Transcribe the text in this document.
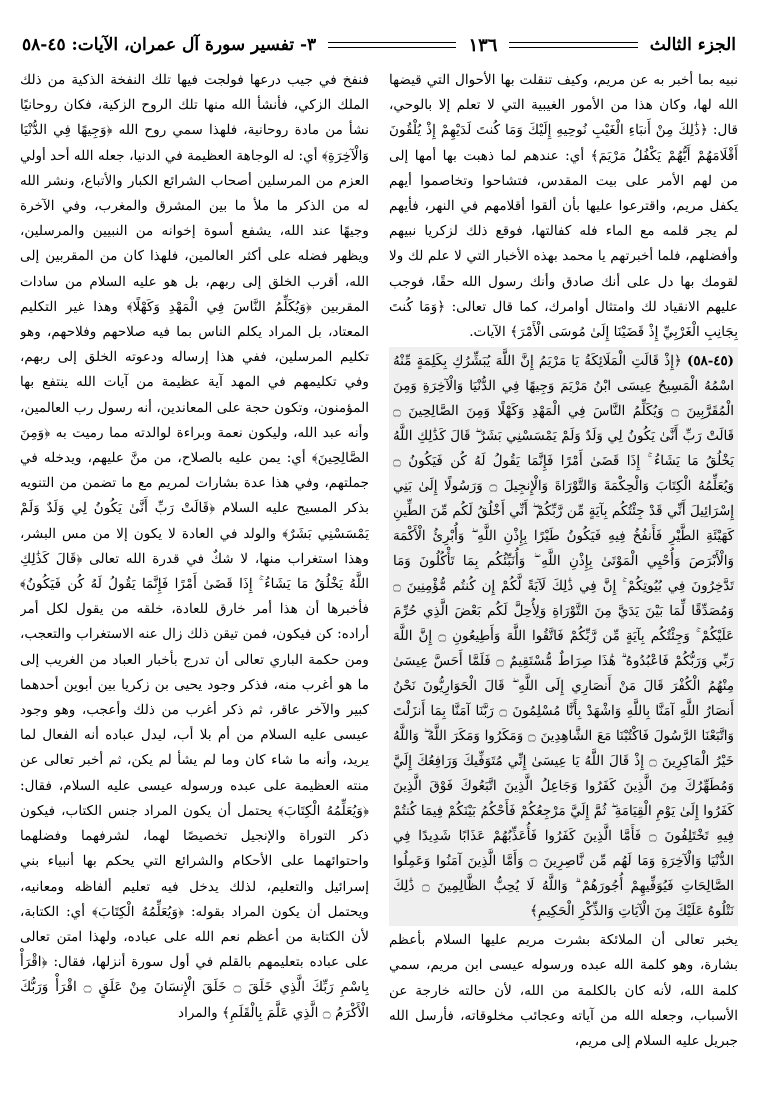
الجزء الثالث
١٣٦
٣- تفسير سورة آل عمران، الآيات: ٤٥-٥٨

نبيه بما أخبر به عن مريم، وكيف تنقلت بها الأحوال التي قيضها الله لها، وكان هذا من الأمور الغيبية التي لا تعلم إلا بالوحي، قال: ﴿ذَٰلِكَ مِنْ أَنبَاءِ الْغَيْبِ نُوحِيهِ إِلَيْكَ وَمَا كُنتَ لَدَيْهِمْ إِذْ يُلْقُونَ أَقْلَامَهُمْ أَيُّهُمْ يَكْفُلُ مَرْيَمَ﴾ أي: عندهم لما ذهبت بها أمها إلى من لهم الأمر على بيت المقدس، فتشاحوا وتخاصموا أيهم يكفل مريم، واقترعوا عليها بأن ألقوا أقلامهم في النهر، فأيهم لم يجر قلمه مع الماء فله كفالتها، فوقع ذلك لزكريا نبيهم وأفضلهم، فلما أخبرتهم يا محمد بهذه الأخبار التي لا علم لك ولا لقومك بها دل على أنك صادق وأنك رسول الله حقًا، فوجب عليهم الانقياد لك وامتثال أوامرك، كما قال تعالى: ﴿وَمَا كُنتَ بِجَانِبِ الْغَرْبِيِّ إِذْ قَضَيْنَا إِلَىٰ مُوسَى الْأَمْرَ﴾ الآيات.

(٤٥-٥٨) ﴿إِذْ قَالَتِ الْمَلَائِكَةُ يَا مَرْيَمُ إِنَّ اللَّهَ يُبَشِّرُكِ بِكَلِمَةٍ مِّنْهُ اسْمُهُ الْمَسِيحُ عِيسَى ابْنُ مَرْيَمَ وَجِيهًا فِي الدُّنْيَا وَالْآخِرَةِ وَمِنَ الْمُقَرَّبِينَ ۝ وَيُكَلِّمُ النَّاسَ فِي الْمَهْدِ وَكَهْلًا وَمِنَ الصَّالِحِينَ ۝ قَالَتْ رَبِّ أَنَّىٰ يَكُونُ لِي وَلَدٌ وَلَمْ يَمْسَسْنِي بَشَرٌ ۖ قَالَ كَذَٰلِكِ اللَّهُ يَخْلُقُ مَا يَشَاءُ ۚ إِذَا قَضَىٰ أَمْرًا فَإِنَّمَا يَقُولُ لَهُ كُن فَيَكُونُ ۝ وَيُعَلِّمُهُ الْكِتَابَ وَالْحِكْمَةَ وَالتَّوْرَاةَ وَالْإِنجِيلَ ۝ وَرَسُولًا إِلَىٰ بَنِي إِسْرَائِيلَ أَنِّي قَدْ جِئْتُكُم بِآيَةٍ مِّن رَّبِّكُمْ ۖ أَنِّي أَخْلُقُ لَكُم مِّنَ الطِّينِ كَهَيْئَةِ الطَّيْرِ فَأَنفُخُ فِيهِ فَيَكُونُ طَيْرًا بِإِذْنِ اللَّهِ ۖ وَأُبْرِئُ الْأَكْمَهَ وَالْأَبْرَصَ وَأُحْيِي الْمَوْتَىٰ بِإِذْنِ اللَّهِ ۖ وَأُنَبِّئُكُم بِمَا تَأْكُلُونَ وَمَا تَدَّخِرُونَ فِي بُيُوتِكُمْ ۚ إِنَّ فِي ذَٰلِكَ لَآيَةً لَّكُمْ إِن كُنتُم مُّؤْمِنِينَ ۝ وَمُصَدِّقًا لِّمَا بَيْنَ يَدَيَّ مِنَ التَّوْرَاةِ وَلِأُحِلَّ لَكُم بَعْضَ الَّذِي حُرِّمَ عَلَيْكُمْ ۚ وَجِئْتُكُم بِآيَةٍ مِّن رَّبِّكُمْ فَاتَّقُوا اللَّهَ وَأَطِيعُونِ ۝ إِنَّ اللَّهَ رَبِّي وَرَبُّكُمْ فَاعْبُدُوهُ ۗ هَٰذَا صِرَاطٌ مُّسْتَقِيمٌ ۝ فَلَمَّا أَحَسَّ عِيسَىٰ مِنْهُمُ الْكُفْرَ قَالَ مَنْ أَنصَارِي إِلَى اللَّهِ ۖ قَالَ الْحَوَارِيُّونَ نَحْنُ أَنصَارُ اللَّهِ آمَنَّا بِاللَّهِ وَاشْهَدْ بِأَنَّا مُسْلِمُونَ ۝ رَبَّنَا آمَنَّا بِمَا أَنزَلْتَ وَاتَّبَعْنَا الرَّسُولَ فَاكْتُبْنَا مَعَ الشَّاهِدِينَ ۝ وَمَكَرُوا وَمَكَرَ اللَّهُ ۖ وَاللَّهُ خَيْرُ الْمَاكِرِينَ ۝ إِذْ قَالَ اللَّهُ يَا عِيسَىٰ إِنِّي مُتَوَفِّيكَ وَرَافِعُكَ إِلَيَّ وَمُطَهِّرُكَ مِنَ الَّذِينَ كَفَرُوا وَجَاعِلُ الَّذِينَ اتَّبَعُوكَ فَوْقَ الَّذِينَ كَفَرُوا إِلَىٰ يَوْمِ الْقِيَامَةِ ۖ ثُمَّ إِلَيَّ مَرْجِعُكُمْ فَأَحْكُمُ بَيْنَكُمْ فِيمَا كُنتُمْ فِيهِ تَخْتَلِفُونَ ۝ فَأَمَّا الَّذِينَ كَفَرُوا فَأُعَذِّبُهُمْ عَذَابًا شَدِيدًا فِي الدُّنْيَا وَالْآخِرَةِ وَمَا لَهُم مِّن نَّاصِرِينَ ۝ وَأَمَّا الَّذِينَ آمَنُوا وَعَمِلُوا الصَّالِحَاتِ فَيُوَفِّيهِمْ أُجُورَهُمْ ۗ وَاللَّهُ لَا يُحِبُّ الظَّالِمِينَ ۝ ذَٰلِكَ نَتْلُوهُ عَلَيْكَ مِنَ الْآيَاتِ وَالذِّكْرِ الْحَكِيمِ﴾

يخبر تعالى أن الملائكة بشرت مريم عليها السلام بأعظم بشارة، وهو كلمة الله عبده ورسوله عيسى ابن مريم، سمي كلمة الله، لأنه كان بالكلمة من الله، لأن حالته خارجة عن الأسباب، وجعله الله من آياته وعجائب مخلوقاته، فأرسل الله جبريل عليه السلام إلى مريم،

فنفخ في جيب درعها فولجت فيها تلك النفخة الذكية من ذلك الملك الزكي، فأنشأ الله منها تلك الروح الزكية، فكان روحانيًا نشأ من مادة روحانية، فلهذا سمي روح الله ﴿وَجِيهًا فِي الدُّنْيَا وَالْآخِرَةِ﴾ أي: له الوجاهة العظيمة في الدنيا، جعله الله أحد أولي العزم من المرسلين أصحاب الشرائع الكبار والأتباع، ونشر الله له من الذكر ما ملأ ما بين المشرق والمغرب، وفي الآخرة وجيهًا عند الله، يشفع أسوة إخوانه من النبيين والمرسلين، ويظهر فضله على أكثر العالمين، فلهذا كان من المقربين إلى الله، أقرب الخلق إلى ربهم، بل هو عليه السلام من سادات المقربين ﴿وَيُكَلِّمُ النَّاسَ فِي الْمَهْدِ وَكَهْلًا﴾ وهذا غير التكليم المعتاد، بل المراد يكلم الناس بما فيه صلاحهم وفلاحهم، وهو تكليم المرسلين، ففي هذا إرساله ودعوته الخلق إلى ربهم، وفي تكليمهم في المهد آية عظيمة من آيات الله ينتفع بها المؤمنون، وتكون حجة على المعاندين، أنه رسول رب العالمين، وأنه عبد الله، وليكون نعمة وبراءة لوالدته مما رميت به ﴿وَمِنَ الصَّالِحِينَ﴾ أي: يمن عليه بالصلاح، من منَّ عليهم، ويدخله في جملتهم، وفي هذا عدة بشارات لمريم مع ما تضمن من التنويه بذكر المسيح عليه السلام ﴿قَالَتْ رَبِّ أَنَّىٰ يَكُونُ لِي وَلَدٌ وَلَمْ يَمْسَسْنِي بَشَرٌ﴾ والولد في العادة لا يكون إلا من مس البشر، وهذا استغراب منها، لا شكٌ في قدرة الله تعالى ﴿قَالَ كَذَٰلِكِ اللَّهُ يَخْلُقُ مَا يَشَاءُ ۚ إِذَا قَضَىٰ أَمْرًا فَإِنَّمَا يَقُولُ لَهُ كُن فَيَكُونُ﴾ فأخبرها أن هذا أمر خارق للعادة، خلقه من يقول لكل أمر أراده: كن فيكون، فمن تيقن ذلك زال عنه الاستغراب والتعجب، ومن حكمة الباري تعالى أن تدرج بأخبار العباد من الغريب إلى ما هو أغرب منه، فذكر وجود يحيى بن زكريا بين أبوين أحدهما كبير والآخر عاقر، ثم ذكر أغرب من ذلك وأعجب، وهو وجود عيسى عليه السلام من أم بلا أب، ليدل عباده أنه الفعال لما يريد، وأنه ما شاء كان وما لم يشأ لم يكن، ثم أخبر تعالى عن منته العظيمة على عبده ورسوله عيسى عليه السلام، فقال: ﴿وَيُعَلِّمُهُ الْكِتَابَ﴾ يحتمل أن يكون المراد جنس الكتاب، فيكون ذكر التوراة والإنجيل تخصيصًا لهما، لشرفهما وفضلهما واحتوائهما على الأحكام والشرائع التي يحكم بها أنبياء بني إسرائيل والتعليم، لذلك يدخل فيه تعليم ألفاظه ومعانيه، ويحتمل أن يكون المراد بقوله: ﴿وَيُعَلِّمُهُ الْكِتَابَ﴾ أي: الكتابة، لأن الكتابة من أعظم نعم الله على عباده، ولهذا امتن تعالى على عباده بتعليمهم بالقلم في أول سورة أنزلها، فقال: ﴿اقْرَأْ بِاسْمِ رَبِّكَ الَّذِي خَلَقَ ۝ خَلَقَ الْإِنسَانَ مِنْ عَلَقٍ ۝ اقْرَأْ وَرَبُّكَ الْأَكْرَمُ ۝ الَّذِي عَلَّمَ بِالْقَلَمِ﴾ والمراد
